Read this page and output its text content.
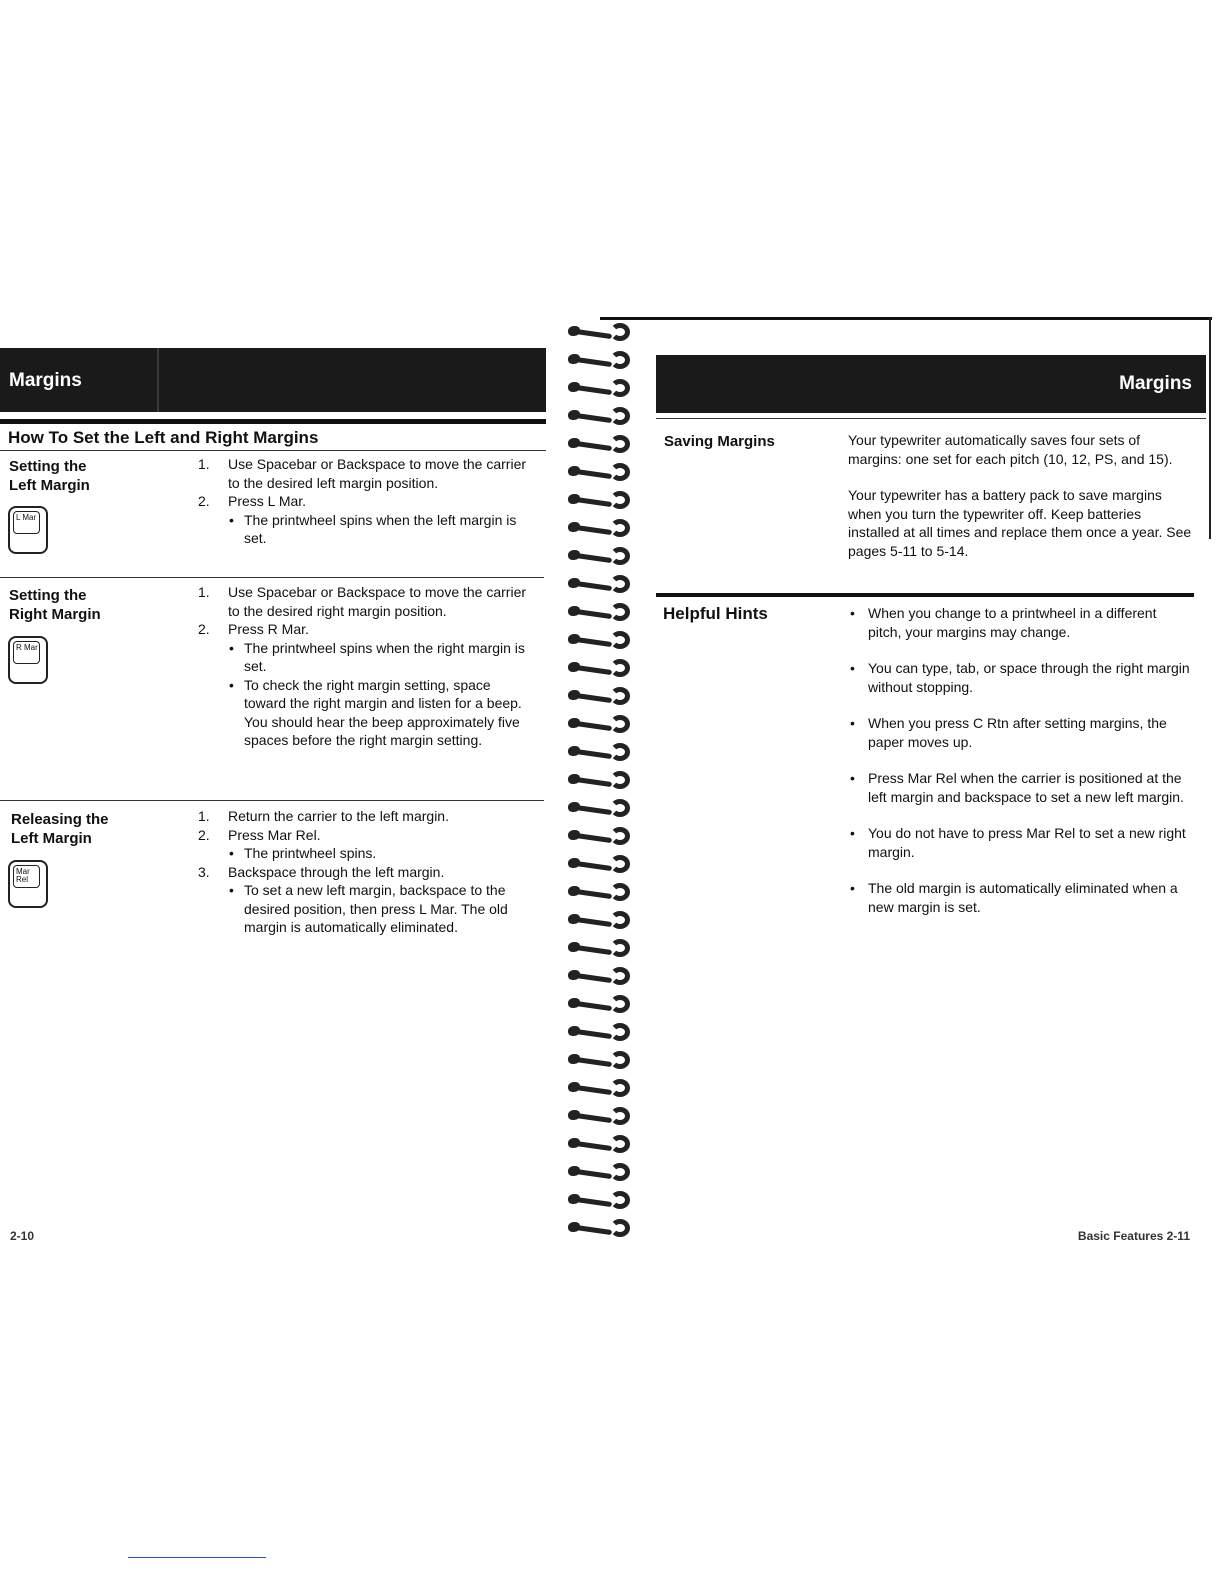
Margins
How To Set the Left and Right Margins
Setting the
Left Margin
L Mar
1. Use Spacebar or Backspace to move the carrier to the desired left margin position.
2. Press L Mar.
• The printwheel spins when the left margin is set.
Setting the
Right Margin
R Mar
1. Use Spacebar or Backspace to move the carrier to the desired right margin position.
2. Press R Mar.
• The printwheel spins when the right margin is set.
• To check the right margin setting, space toward the right margin and listen for a beep. You should hear the beep approximately five spaces before the right margin setting.
Releasing the
Left Margin
Mar Rel
1. Return the carrier to the left margin.
2. Press Mar Rel.
• The printwheel spins.
3. Backspace through the left margin.
• To set a new left margin, backspace to the desired position, then press L Mar. The old margin is automatically eliminated.
2-10
Margins
Saving Margins	Your typewriter automatically saves four sets of margins: one set for each pitch (10, 12, PS, and 15).
Your typewriter has a battery pack to save margins when you turn the typewriter off. Keep batteries installed at all times and replace them once a year. See pages 5-11 to 5-14.
Helpful Hints
•	When you change to a printwheel in a different pitch, your margins may change.
• You can type, tab, or space through the right margin without stopping.
• When you press C Rtn after setting margins, the paper moves up.
• Press Mar Rel when the carrier is positioned at the left margin and backspace to set a new left margin.
• You do not have to press Mar Rel to set a new right margin.
• The old margin is automatically eliminated when a new margin is set.
Basic Features 2-11
